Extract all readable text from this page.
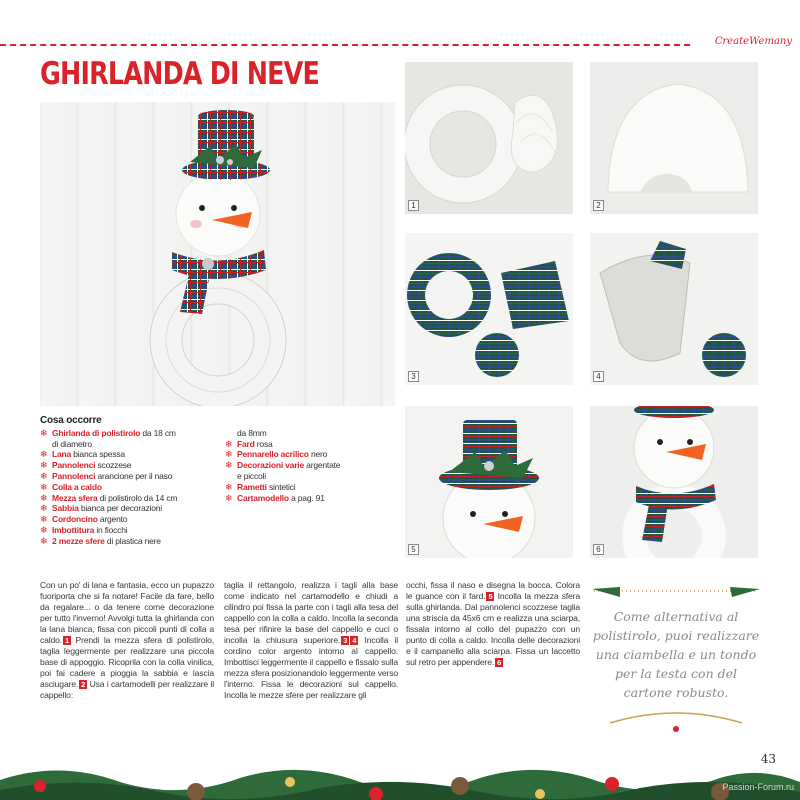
CreateWemany
GHIRLANDA DI NEVE
1	2
3	4
5	6
Cosa occorre
❄ Ghirlanda di polistirolo da 18 cm
di diametro
❄ Lana bianca spessa
❄ Pannolenci scozzese
❄ Pannolenci arancione per il naso
❄ Colla a caldo
❄ Mezza sfera di polistirolo da 14 cm
❄ Sabbia bianca per decorazioni
❄ Cordoncino argento
❄ Imbottitura in fiocchi
❄ 2 mezze sfere di plastica nere
da 8mm
❄ Fard rosa
❄ Pennarello acrilico nero
❄ Decorazioni varie argentate
e piccoli
❄ Rametti sintetici
❄ Cartamodello a pag. 91
Con un po' di lana e fantasia, ecco un pupazzo fuoriporta che si fa notare! Facile da fare, bello da regalare... o da tenere come decorazione per tutto l'inverno! Avvolgi tutta la ghirlanda con la lana bianca, fissa con piccoli punti di colla a caldo. 1 Prendi la mezza sfera di polistirolo, taglia leggermente per realizzare una piccola base di appoggio. Ricoprila con la colla vinilica, poi fai cadere a pioggia la sabbia e lascia asciugare. 2 Usa i cartamodelli per realizzare il cappello:
taglia il rettangolo, realizza i tagli alla base come indicato nel cartamodello e chiudi a cilindro poi fissa la parte con i tagli alla tesa del cappello con la colla a caldo. Incolla la seconda tesa per rifinire la base del cappello e cuci o incolla la chiusura superiore. 3 4 Incolla il cordino color argento intorno al cappello. Imbottisci leggermente il cappello e fissalo sulla mezza sfera posizionandolo leggermente verso l'interno. Fissa le decorazioni sul cappello. Incolla le mezze sfere per realizzare gli
occhi, fissa il naso e disegna la bocca. Colora le guance con il fard. 5 Incolla la mezza sfera sulla ghirlanda. Dal pannolenci scozzese taglia una striscia da 45x6 cm e realizza una sciarpa, fissala intorno al collo del pupazzo con un punto di colla a caldo. Incolla delle decorazioni e il campanello alla sciarpa. Fissa un laccetto sul retro per appendere. 6
Come alternativa al polistirolo, puoi realizzare una ciambella e un tondo per la testa con del cartone robusto.
43
Passion-Forum.ru
